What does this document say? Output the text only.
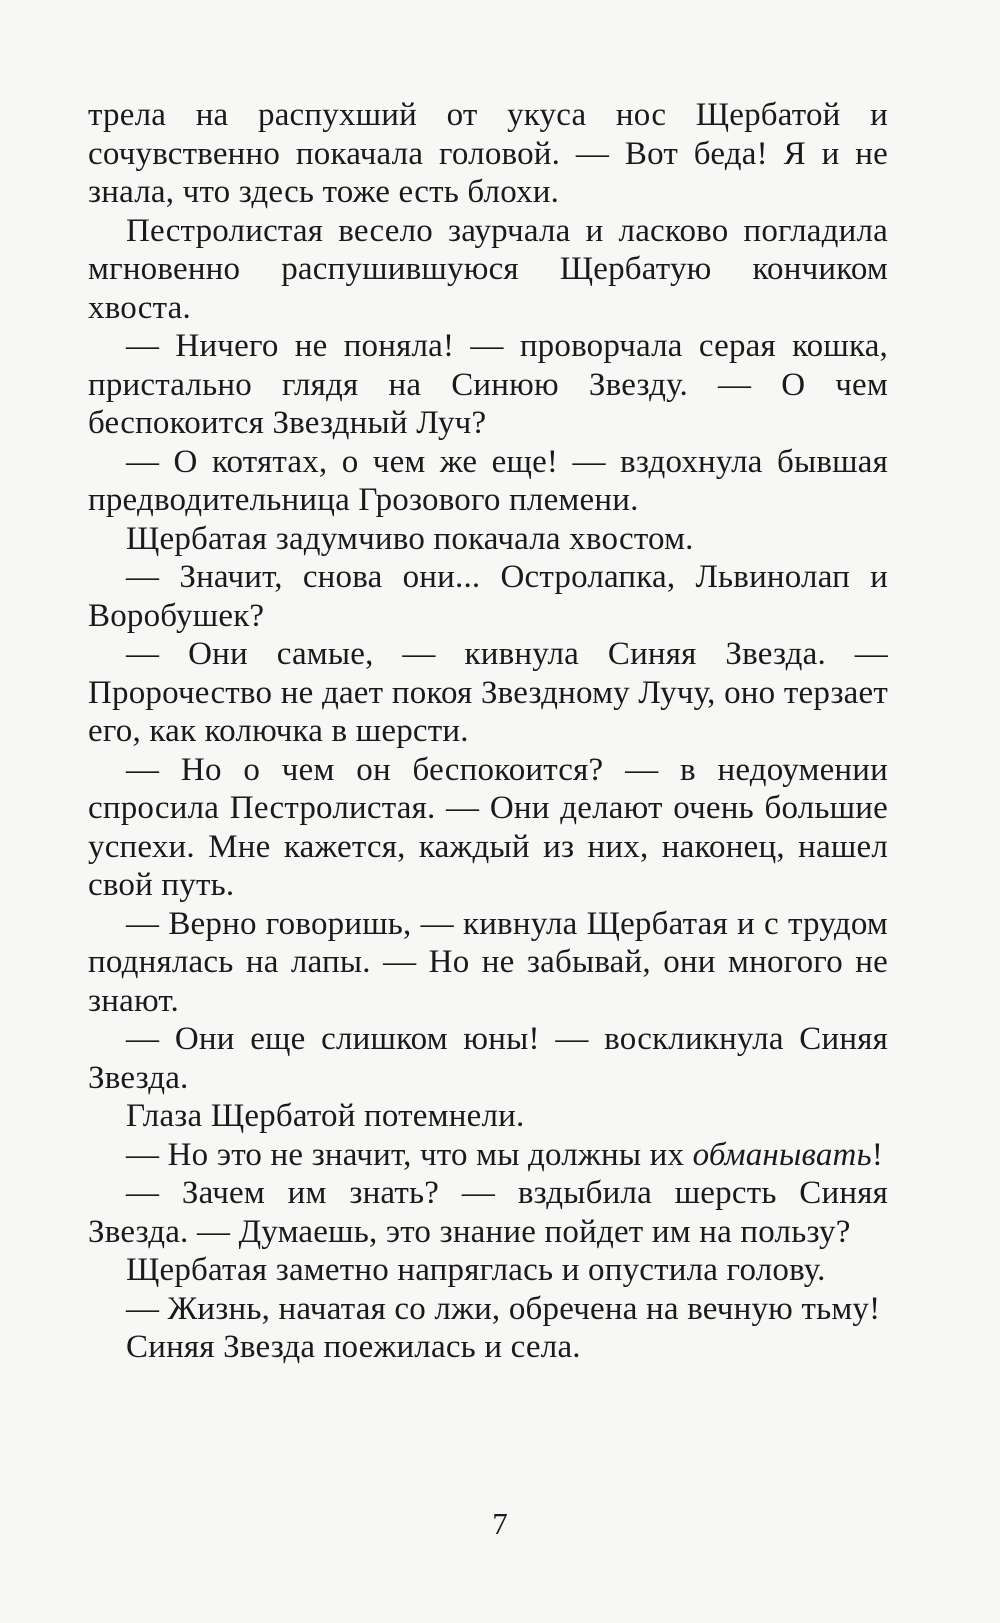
трела на распухший от укуса нос Щербатой и сочувственно покачала головой. — Вот беда! Я и не знала, что здесь тоже есть блохи.

Пестролистая весело заурчала и ласково погладила мгновенно распушившуюся Щербатую кончиком хвоста.

— Ничего не поняла! — проворчала серая кошка, пристально глядя на Синюю Звезду. — О чем беспокоится Звездный Луч?

— О котятах, о чем же еще! — вздохнула бывшая предводительница Грозового племени.

Щербатая задумчиво покачала хвостом.

— Значит, снова они... Остролапка, Львинолап и Воробушек?

— Они самые, — кивнула Синяя Звезда. — Пророчество не дает покоя Звездному Лучу, оно терзает его, как колючка в шерсти.

— Но о чем он беспокоится? — в недоумении спросила Пестролистая. — Они делают очень большие успехи. Мне кажется, каждый из них, наконец, нашел свой путь.

— Верно говоришь, — кивнула Щербатая и с трудом поднялась на лапы. — Но не забывай, они многого не знают.

— Они еще слишком юны! — воскликнула Синяя Звезда.

Глаза Щербатой потемнели.

— Но это не значит, что мы должны их обманывать!

— Зачем им знать? — вздыбила шерсть Синяя Звезда. — Думаешь, это знание пойдет им на пользу?

Щербатая заметно напряглась и опустила голову.

— Жизнь, начатая со лжи, обречена на вечную тьму!

Синяя Звезда поежилась и села.

7
